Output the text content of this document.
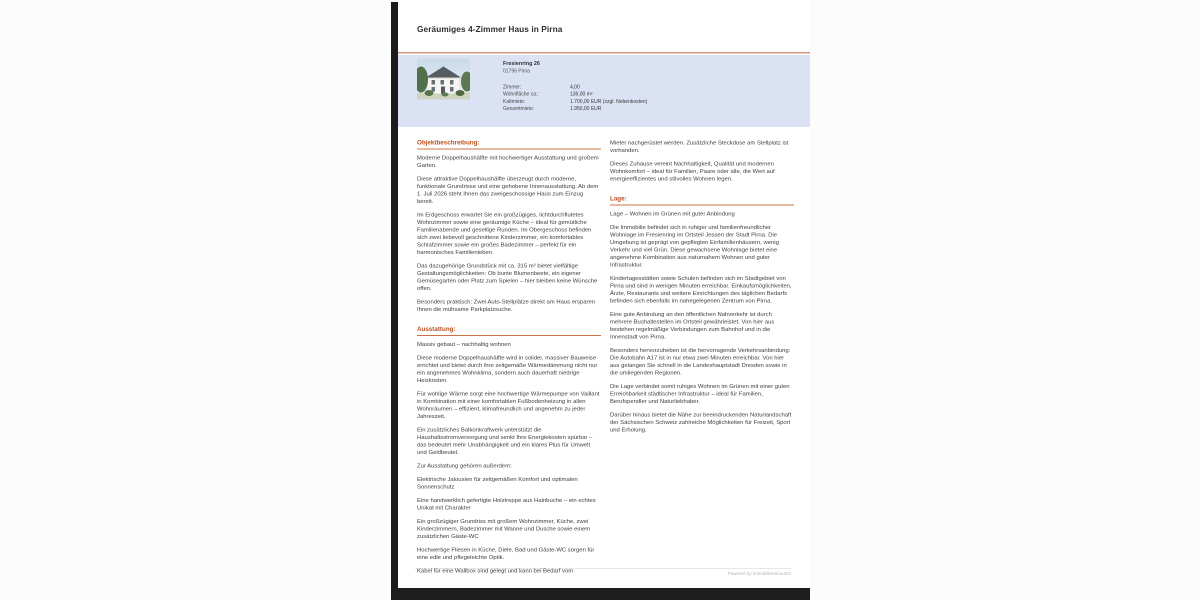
Geräumiges 4-Zimmer Haus in Pirna
Fresienring 26
01796 Pirna
Zimmer:	4,00
Wohnfläche ca.:	136,00 m²
Kaltmiete:	1.700,00 EUR (zzgl. Nebenkosten)
Gesamtmiete:	1.950,00 EUR
Objektbeschreibung:

Moderne Doppelhaushälfte mit hochwertiger Ausstattung und großem Garten.

Diese attraktive Doppelhaushälfte überzeugt durch moderne, funktionale Grundrisse und eine gehobene Innenausstattung. Ab dem 1. Juli 2026 steht Ihnen das zweigeschossige Haus zum Einzug bereit.

Im Erdgeschoss erwartet Sie ein großzügiges, lichtdurchflutetes Wohnzimmer sowie eine geräumige Küche – ideal für gemütliche Familienabende und gesellige Runden. Im Obergeschoss befinden sich zwei liebevoll geschnittene Kinderzimmer, ein komfortables Schlafzimmer sowie ein großes Badezimmer – perfekt für ein harmonisches Familienleben.

Das dazugehörige Grundstück mit ca. 315 m² bietet vielfältige Gestaltungsmöglichkeiten: Ob bunte Blumenbeete, ein eigener Gemüsegarten oder Platz zum Spielen – hier bleiben keine Wünsche offen.

Besonders praktisch: Zwei Auto-Stellplätze direkt am Haus ersparen Ihnen die mühsame Parkplatzsuche.

Ausstattung:

Massiv gebaut – nachhaltig wohnen

Diese moderne Doppelhaushälfte wird in solider, massiver Bauweise errichtet und bietet durch ihre zeitgemäße Wärmedämmung nicht nur ein angenehmes Wohnklima, sondern auch dauerhaft niedrige Heizkosten.

Für wohlige Wärme sorgt eine hochwertige Wärmepumpe von Vaillant in Kombination mit einer komfortablen Fußbodenheizung in allen Wohnräumen – effizient, klimafreundlich und angenehm zu jeder Jahreszeit.

Ein zusätzliches Balkonkraftwerk unterstützt die Haushaltsstromversorgung und senkt Ihre Energiekosten spürbar – das bedeutet mehr Unabhängigkeit und ein klares Plus für Umwelt und Geldbeutel.

Zur Ausstattung gehören außerdem:

Elektrische Jalousien für zeitgemäßen Komfort und optimalen Sonnenschutz

Eine handwerklich gefertigte Holztreppe aus Hainbuche – ein echtes Unikat mit Charakter

Ein großzügiger Grundriss mit großem Wohnzimmer, Küche, zwei Kinderzimmern, Badezimmer mit Wanne und Dusche sowie einem zusätzlichen Gäste-WC

Hochwertige Fliesen in Küche, Diele, Bad und Gäste-WC sorgen für eine edle und pflegeleichte Optik.

Kabel für eine Wallbox sind gelegt und kann bei Bedarf vom

Mieter nachgerüstet werden. Zusätzliche Steckdose am Stellplatz ist vorhanden.

Dieses Zuhause vereint Nachhaltigkeit, Qualität und modernen Wohnkomfort – ideal für Familien, Paare oder alle, die Wert auf energieeffizientes und stilvolles Wohnen legen.

Lage:

Lage – Wohnen im Grünen mit guter Anbindung

Die Immobilie befindet sich in ruhiger und familienfreundlicher Wohnlage im Fresienring im Ortsteil Jessen der Stadt Pirna. Die Umgebung ist geprägt von gepflegten Einfamilienhäusern, wenig Verkehr und viel Grün. Diese gewachsene Wohnlage bietet eine angenehme Kombination aus naturnahem Wohnen und guter Infrastruktur.

Kindertagesstätten sowie Schulen befinden sich im Stadtgebiet von Pirna und sind in wenigen Minuten erreichbar. Einkaufsmöglichkeiten, Ärzte, Restaurants und weitere Einrichtungen des täglichen Bedarfs befinden sich ebenfalls im nahegelegenen Zentrum von Pirna.

Eine gute Anbindung an den öffentlichen Nahverkehr ist durch mehrere Bushaltestellen im Ortsteil gewährleistet. Von hier aus bestehen regelmäßige Verbindungen zum Bahnhof und in die Innenstadt von Pirna.

Besonders hervorzuheben ist die hervorragende Verkehrsanbindung: Die Autobahn A17 ist in nur etwa zwei Minuten erreichbar. Von hier aus gelangen Sie schnell in die Landeshauptstadt Dresden sowie in die umliegenden Regionen.

Die Lage verbindet somit ruhiges Wohnen im Grünen mit einer guten Erreichbarkeit städtischer Infrastruktur – ideal für Familien, Berufspendler und Naturliebhaber.

Darüber hinaus bietet die Nähe zur beeindruckenden Naturlandschaft der Sächsischen Schweiz zahlreiche Möglichkeiten für Freizeit, Sport und Erholung.

Powered by ImmobilienScout24
